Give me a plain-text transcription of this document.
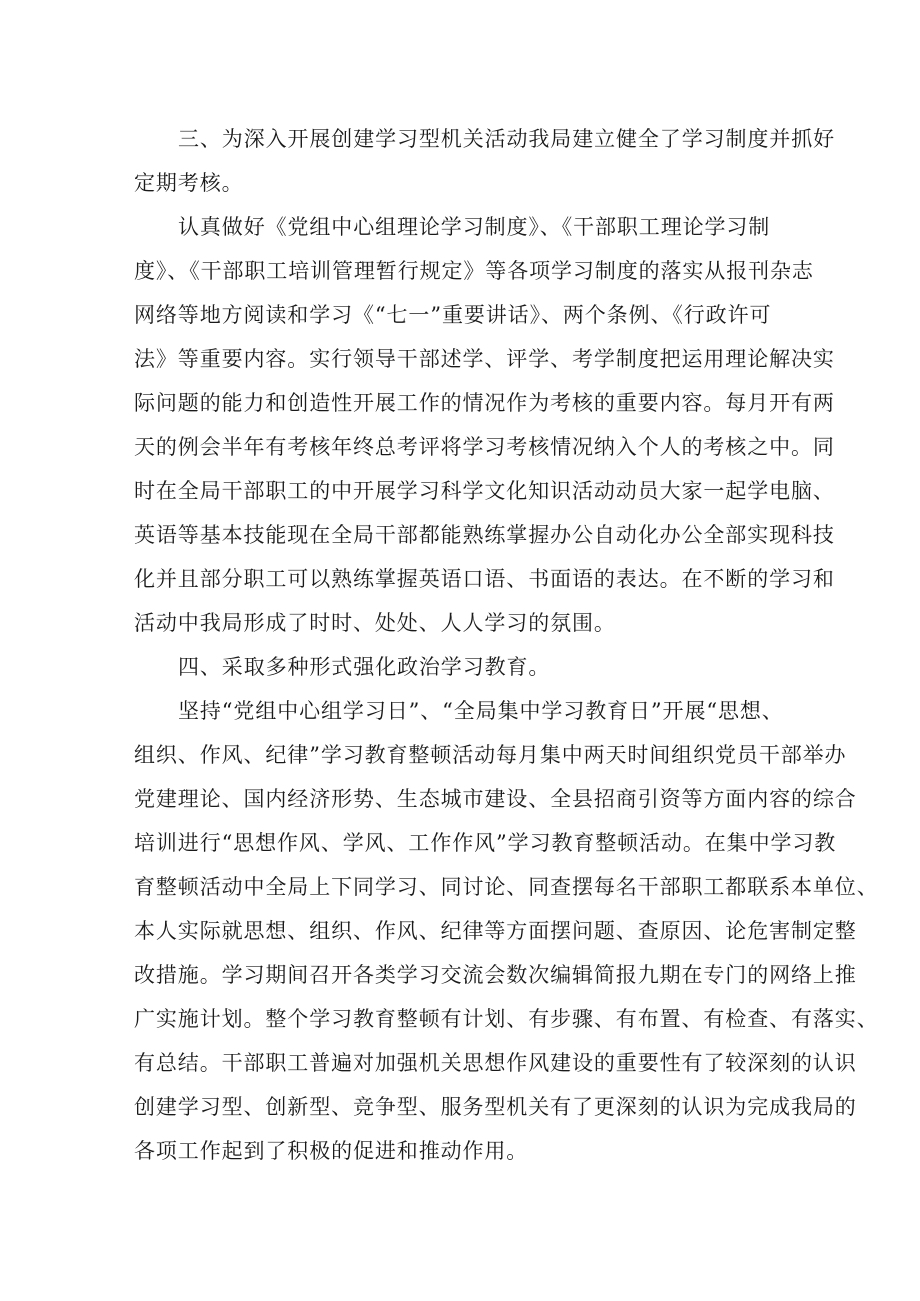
三、为深入开展创建学习型机关活动我局建立健全了学习制度并抓好
定期考核。
认真做好《党组中心组理论学习制度》、《干部职工理论学习制
度》、《干部职工培训管理暂行规定》等各项学习制度的落实从报刊杂志
网络等地方阅读和学习《“七一”重要讲话》、两个条例、《行政许可
法》等重要内容。实行领导干部述学、评学、考学制度把运用理论解决实
际问题的能力和创造性开展工作的情况作为考核的重要内容。每月开有两
天的例会半年有考核年终总考评将学习考核情况纳入个人的考核之中。同
时在全局干部职工的中开展学习科学文化知识活动动员大家一起学电脑、
英语等基本技能现在全局干部都能熟练掌握办公自动化办公全部实现科技
化并且部分职工可以熟练掌握英语口语、书面语的表达。在不断的学习和
活动中我局形成了时时、处处、人人学习的氛围。
四、采取多种形式强化政治学习教育。
坚持“党组中心组学习日”、“全局集中学习教育日”开展“思想、
组织、作风、纪律”学习教育整顿活动每月集中两天时间组织党员干部举办
党建理论、国内经济形势、生态城市建设、全县招商引资等方面内容的综合
培训进行“思想作风、学风、工作作风”学习教育整顿活动。在集中学习教
育整顿活动中全局上下同学习、同讨论、同查摆每名干部职工都联系本单位、
本人实际就思想、组织、作风、纪律等方面摆问题、查原因、论危害制定整
改措施。学习期间召开各类学习交流会数次编辑简报九期在专门的网络上推
广实施计划。整个学习教育整顿有计划、有步骤、有布置、有检查、有落实、
有总结。干部职工普遍对加强机关思想作风建设的重要性有了较深刻的认识
创建学习型、创新型、竞争型、服务型机关有了更深刻的认识为完成我局的
各项工作起到了积极的促进和推动作用。
